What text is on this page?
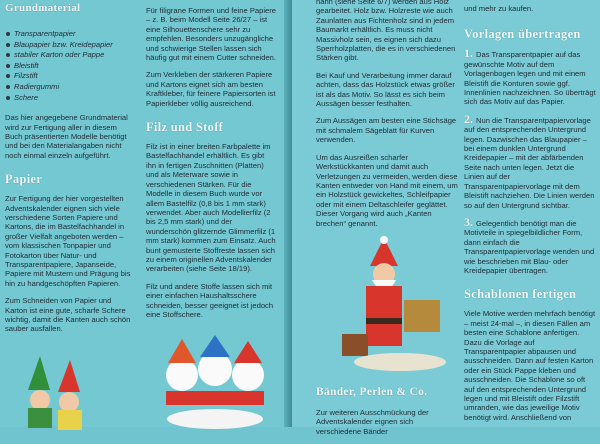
Grundmaterial
Transparentpapier
Blaupapier bzw. Kreidepapier
stabiler Karton oder Pappe
Bleistift
Filzstift
Radiergummi
Schere

Das hier angegebene Grundmaterial wird zur Fertigung aller in diesem Buch präsentierten Modelle benötigt und bei den Materialangaben nicht noch einmal einzeln aufgeführt.

Papier

Zur Fertigung der hier vorgestellten Adventskalender eignen sich viele verschiedene Sorten Papiere und Kartons, die im Bastelfachhandel in großer Vielfalt angeboten werden – vom klassischen Tonpapier und Fotokarton über Natur- und Transparentpapiere, Japanseide, Papiere mit Mustern und Prägung bis hin zu handgeschöpften Papieren.

Zum Schneiden von Papier und Karton ist eine gute, scharfe Schere wichtig, damit die Kanten auch schön sauber ausfallen.

Für filigrane Formen und feine Papiere – z. B. beim Modell Seite 26/27 – ist eine Silhouettenschere sehr zu empfehlen. Besonders unzugängliche und schwierige Stellen lassen sich häufig gut mit einem Cutter schneiden.

Zum Verkleben der stärkeren Papiere und Kartons eignet sich am besten Kraftkleber, für feinere Papiersorten ist Papierkleber völlig ausreichend.

Filz und Stoff

Filz ist in einer breiten Farbpalette im Bastelfachhandel erhältlich. Es gibt ihn in fertigen Zuschnitten (Platten) und als Meterware sowie in verschiedenen Stärken. Für die Modelle in diesem Buch wurde vor allem Bastelfilz (0,8 bis 1 mm stark) verwendet. Aber auch Modellierfilz (2 bis 2,5 mm stark) und der wunderschön glitzernde Glimmerfilz (1 mm stark) kommen zum Einsatz. Auch bunt gemusterte Stoffreste lassen sich zu einem originellen Adventskalender verarbeiten (siehe Seite 18/19).

Filz und andere Stoffe lassen sich mit einer einfachen Haushaltsschere schneiden, besser geeignet ist jedoch eine Stoffschere.

nann (siehe Seite 6/7) werden aus Holz gearbeitet. Holz bzw. Holzreste wie auch Zaunlatten aus Fichtenholz sind in jedem Baumarkt erhältlich. Es muss nicht Massivholz sein, es eignen sich dazu Sperrholzplatten, die es in verschiedenen Stärken gibt.

Bei Kauf und Verarbeitung immer darauf achten, dass das Holzstück etwas größer ist als das Motiv. So lässt es sich beim Aussägen besser festhalten.

Zum Aussägen am besten eine Stichsäge mit schmalem Sägeblatt für Kurven verwenden.

Um das Ausreißen scharfer Werkstückkanten und damit auch Verletzungen zu vermeiden, werden diese Kanten entweder von Hand mit einem, um ein Holzstück gewickeltes, Schleifpapier oder mit einem Deltaschleifer geglättet. Dieser Vorgang wird auch „Kanten brechen“ genannt.

Bänder, Perlen & Co.

Zur weiteren Ausschmückung der Adventskalender eignen sich verschiedene Bänder

und mehr zu kaufen.

Vorlagen übertragen

1. Das Transparentpapier auf das gewünschte Motiv auf dem Vorlagenbogen legen und mit einem Bleistift die Konturen sowie ggf. Innenlinien nachzeichnen. So überträgt sich das Motiv auf das Papier.

2. Nun die Transparentpapiervorlage auf den entsprechenden Untergrund legen. Dazwischen das Blaupapier – bei einem dunklen Untergrund Kreidepapier – mit der abfärbenden Seite nach unten legen. Jetzt die Linien auf der Transparentpapiervorlage mit dem Bleistift nachziehen. Die Linien werden so auf den Untergrund sichtbar.

3. Gelegentlich benötigt man die Motivteile in spiegelbildlicher Form, dann einfach die Transparentpapiervorlage wenden und wie beschrieben mit Blau- oder Kreidepapier übertragen.

Schablonen fertigen

Viele Motive werden mehrfach benötigt – meist 24-mal –, in diesen Fällen am besten eine Schablone anfertigen. Dazu die Vorlage auf Transparentpapier abpausen und ausschneiden. Dann auf festen Karton oder ein Stück Pappe kleben und ausschneiden. Die Schablone so oft auf den entsprechenden Untergrund legen und mit Bleistift oder Filzstift umranden, wie das jeweilige Motiv benötigt wird. Anschließend von
